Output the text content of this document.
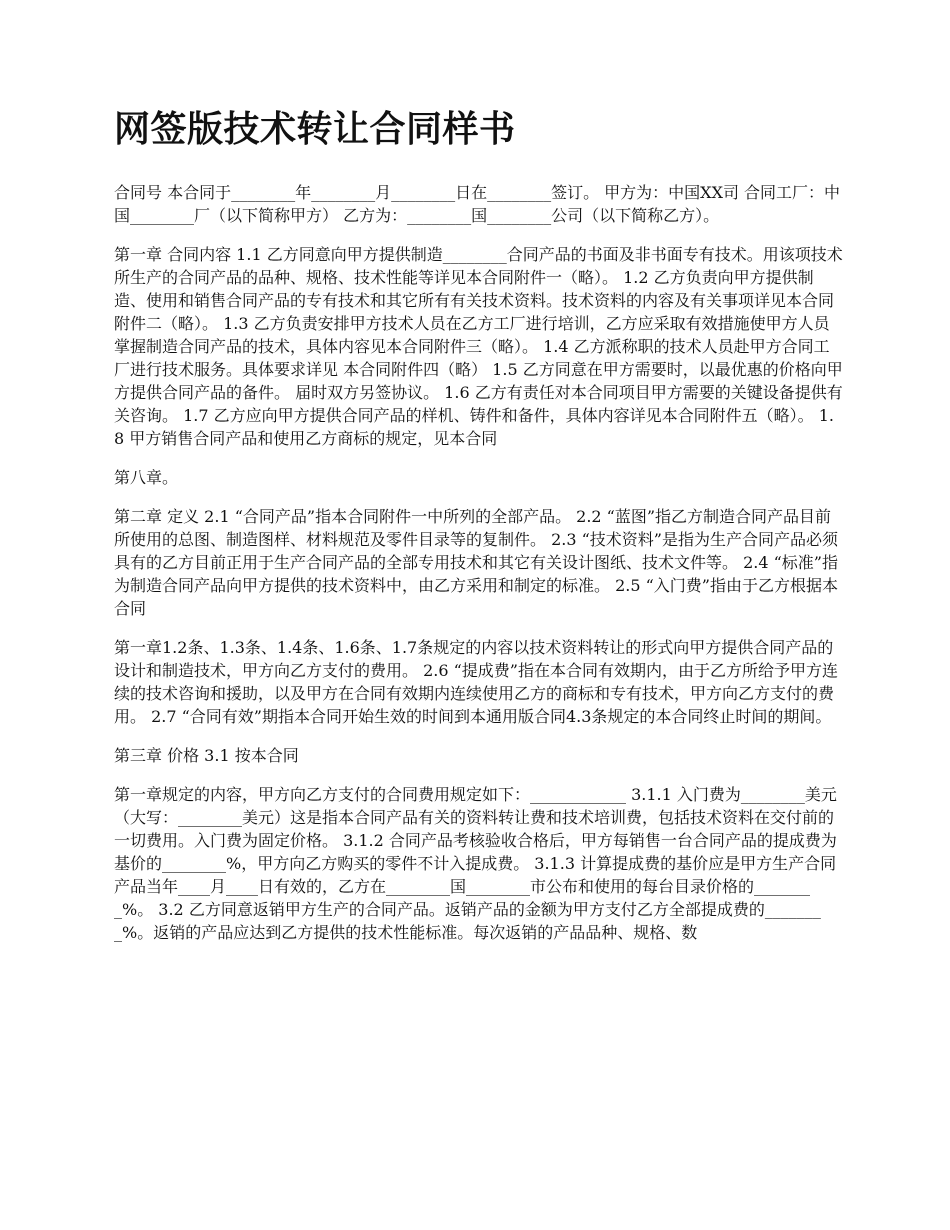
网签版技术转让合同样书

合同号 本合同于________年________月________日在________签订。 甲方为：中国XX司 合同工厂：中国________厂（以下简称甲方） 乙方为：________国________公司（以下简称乙方）。

第一章 合同内容 1.1 乙方同意向甲方提供制造________合同产品的书面及非书面专有技术。用该项技术所生产的合同产品的品种、规格、技术性能等详见本合同附件一（略）。 1.2 乙方负责向甲方提供制造、使用和销售合同产品的专有技术和其它所有有关技术资料。技术资料的内容及有关事项详见本合同附件二（略）。 1.3 乙方负责安排甲方技术人员在乙方工厂进行培训，乙方应采取有效措施使甲方人员掌握制造合同产品的技术，具体内容见本合同附件三（略）。 1.4 乙方派称职的技术人员赴甲方合同工厂进行技术服务。具体要求详见 本合同附件四（略） 1.5 乙方同意在甲方需要时，以最优惠的价格向甲方提供合同产品的备件。 届时双方另签协议。 1.6 乙方有责任对本合同项目甲方需要的关键设备提供有关咨询。 1.7 乙方应向甲方提供合同产品的样机、铸件和备件，具体内容详见本合同附件五（略）。 1.8 甲方销售合同产品和使用乙方商标的规定，见本合同

第八章。

第二章 定义 2.1 “合同产品”指本合同附件一中所列的全部产品。 2.2 “蓝图”指乙方制造合同产品目前所使用的总图、制造图样、材料规范及零件目录等的复制件。 2.3 “技术资料”是指为生产合同产品必须具有的乙方目前正用于生产合同产品的全部专用技术和其它有关设计图纸、技术文件等。 2.4 “标准”指为制造合同产品向甲方提供的技术资料中，由乙方采用和制定的标准。 2.5 “入门费”指由于乙方根据本合同

第一章1.2条、1.3条、1.4条、1.6条、1.7条规定的内容以技术资料转让的形式向甲方提供合同产品的设计和制造技术，甲方向乙方支付的费用。 2.6 “提成费”指在本合同有效期内，由于乙方所给予甲方连续的技术咨询和援助，以及甲方在合同有效期内连续使用乙方的商标和专有技术，甲方向乙方支付的费用。 2.7 “合同有效”期指本合同开始生效的时间到本通用版合同4.3条规定的本合同终止时间的期间。

第三章 价格 3.1 按本合同

第一章规定的内容，甲方向乙方支付的合同费用规定如下：____________ 3.1.1 入门费为________美元（大写：________美元）这是指本合同产品有关的资料转让费和技术培训费，包括技术资料在交付前的一切费用。入门费为固定价格。 3.1.2 合同产品考核验收合格后，甲方每销售一台合同产品的提成费为基价的________%，甲方向乙方购买的零件不计入提成费。 3.1.3 计算提成费的基价应是甲方生产合同产品当年____月____日有效的，乙方在________国________市公布和使用的每台目录价格的________%。 3.2 乙方同意返销甲方生产的合同产品。返销产品的金额为甲方支付乙方全部提成费的________%。返销的产品应达到乙方提供的技术性能标准。每次返销的产品品种、规格、数
